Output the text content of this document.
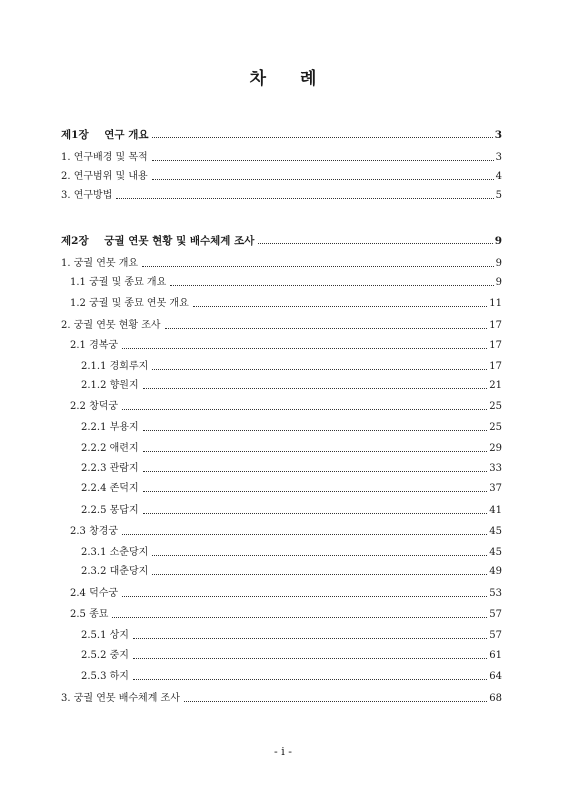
차 례
제1장 연구 개요	3
1. 연구배경 및 목적	3
2. 연구범위 및 내용	4
3. 연구방법	5
제2장 궁궐 연못 현황 및 배수체계 조사	9
1. 궁궐 연못 개요	9
1.1 궁궐 및 종묘 개요	9
1.2 궁궐 및 종묘 연못 개요	11
2. 궁궐 연못 현황 조사	17
2.1 경복궁	17
2.1.1 경회루지	17
2.1.2 향원지	21
2.2 창덕궁	25
2.2.1 부용지	25
2.2.2 애련지	29
2.2.3 관람지	33
2.2.4 존덕지	37
2.2.5 몽답지	41
2.3 창경궁	45
2.3.1 소춘당지	45
2.3.2 대춘당지	49
2.4 덕수궁	53
2.5 종묘	57
2.5.1 상지	57
2.5.2 중지	61
2.5.3 하지	64
3. 궁궐 연못 배수체계 조사	68
- i -
